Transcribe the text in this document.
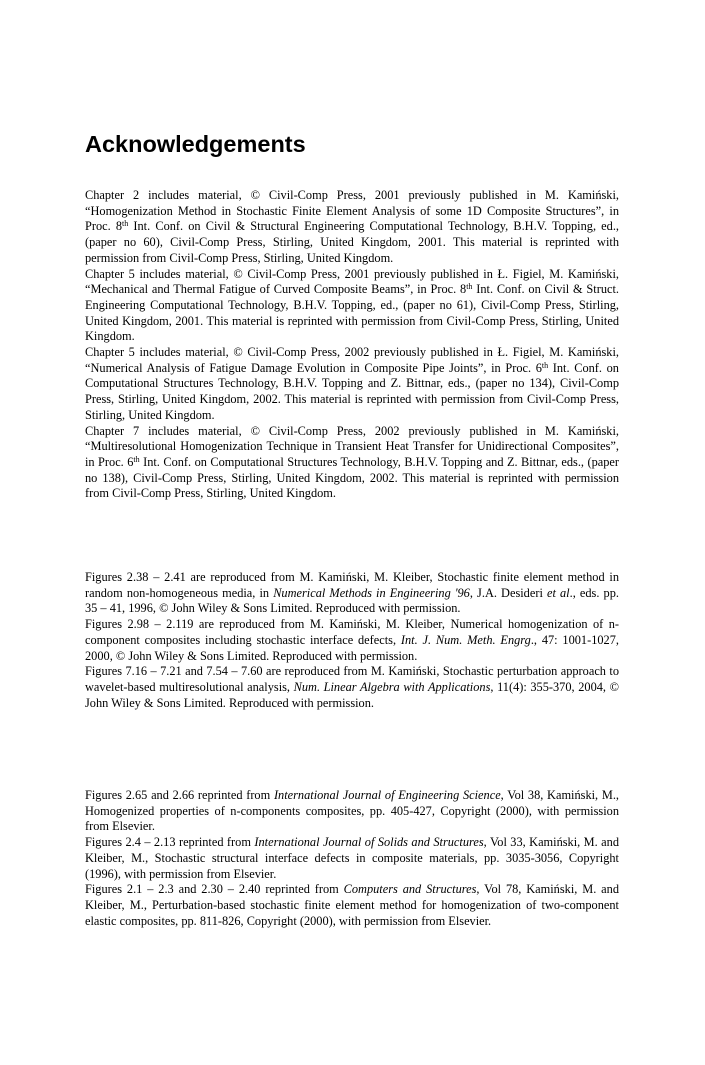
Acknowledgements

Chapter 2 includes material, © Civil-Comp Press, 2001 previously published in M. Kamiński, “Homogenization Method in Stochastic Finite Element Analysis of some 1D Composite Structures”, in Proc. 8th Int. Conf. on Civil & Structural Engineering Computational Technology, B.H.V. Topping, ed., (paper no 60), Civil-Comp Press, Stirling, United Kingdom, 2001. This material is reprinted with permission from Civil-Comp Press, Stirling, United Kingdom.

Chapter 5 includes material, © Civil-Comp Press, 2001 previously published in Ł. Figiel, M. Kamiński, “Mechanical and Thermal Fatigue of Curved Composite Beams”, in Proc. 8th Int. Conf. on Civil & Struct. Engineering Computational Technology, B.H.V. Topping, ed., (paper no 61), Civil-Comp Press, Stirling, United Kingdom, 2001. This material is reprinted with permission from Civil-Comp Press, Stirling, United Kingdom.

Chapter 5 includes material, © Civil-Comp Press, 2002 previously published in Ł. Figiel, M. Kamiński, “Numerical Analysis of Fatigue Damage Evolution in Composite Pipe Joints”, in Proc. 6th Int. Conf. on Computational Structures Technology, B.H.V. Topping and Z. Bittnar, eds., (paper no 134), Civil-Comp Press, Stirling, United Kingdom, 2002. This material is reprinted with permission from Civil-Comp Press, Stirling, United Kingdom.

Chapter 7 includes material, © Civil-Comp Press, 2002 previously published in M. Kamiński, “Multiresolutional Homogenization Technique in Transient Heat Transfer for Unidirectional Composites”, in Proc. 6th Int. Conf. on Computational Structures Technology, B.H.V. Topping and Z. Bittnar, eds., (paper no 138), Civil-Comp Press, Stirling, United Kingdom, 2002. This material is reprinted with permission from Civil-Comp Press, Stirling, United Kingdom.

Figures 2.38 – 2.41 are reproduced from M. Kamiński, M. Kleiber, Stochastic finite element method in random non-homogeneous media, in Numerical Methods in Engineering '96, J.A. Desideri et al., eds. pp. 35 – 41, 1996, © John Wiley & Sons Limited. Reproduced with permission.

Figures 2.98 – 2.119 are reproduced from M. Kamiński, M. Kleiber, Numerical homogenization of n-component composites including stochastic interface defects, Int. J. Num. Meth. Engrg., 47: 1001-1027, 2000, © John Wiley & Sons Limited. Reproduced with permission.

Figures 7.16 – 7.21 and 7.54 – 7.60 are reproduced from M. Kamiński, Stochastic perturbation approach to wavelet-based multiresolutional analysis, Num. Linear Algebra with Applications, 11(4): 355-370, 2004, © John Wiley & Sons Limited. Reproduced with permission.

Figures 2.65 and 2.66 reprinted from International Journal of Engineering Science, Vol 38, Kamiński, M., Homogenized properties of n-components composites, pp. 405-427, Copyright (2000), with permission from Elsevier.

Figures 2.4 – 2.13 reprinted from International Journal of Solids and Structures, Vol 33, Kamiński, M. and Kleiber, M., Stochastic structural interface defects in composite materials, pp. 3035-3056, Copyright (1996), with permission from Elsevier.

Figures 2.1 – 2.3 and 2.30 – 2.40 reprinted from Computers and Structures, Vol 78, Kamiński, M. and Kleiber, M., Perturbation-based stochastic finite element method for homogenization of two-component elastic composites, pp. 811-826, Copyright (2000), with permission from Elsevier.
